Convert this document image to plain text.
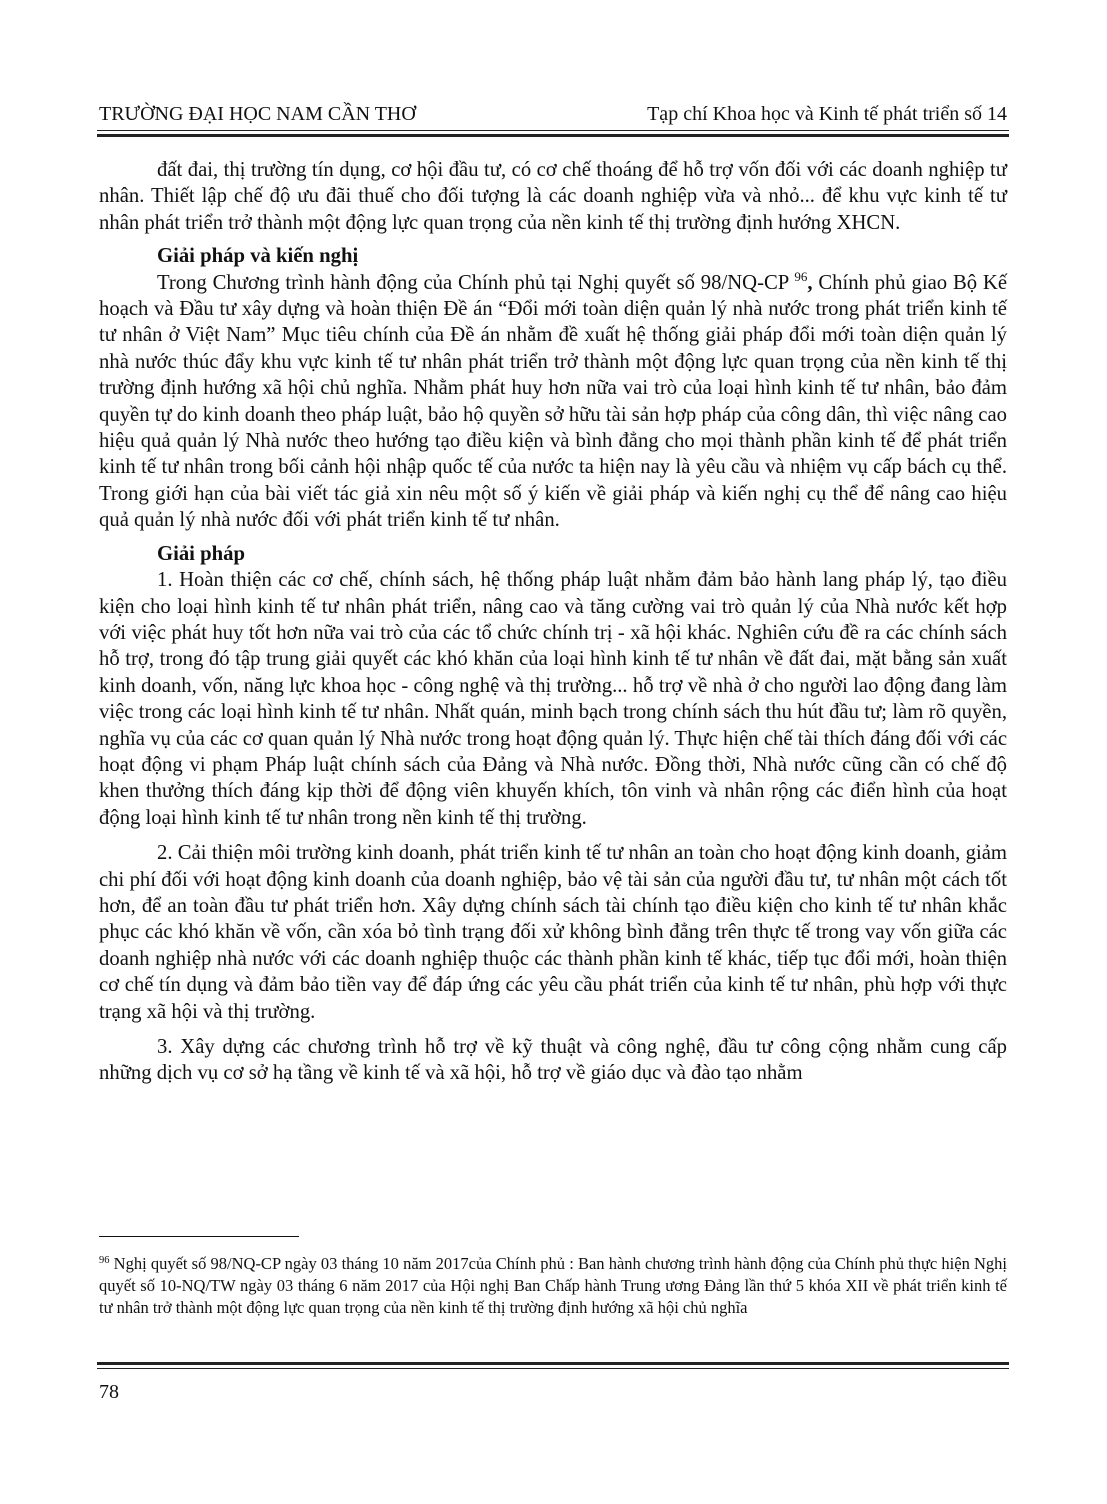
TRƯỜNG ĐẠI HỌC NAM CẦN THƠ	Tạp chí Khoa học và Kinh tế phát triển số 14

đất đai, thị trường tín dụng, cơ hội đầu tư, có cơ chế thoáng để hỗ trợ vốn đối với các doanh nghiệp tư nhân. Thiết lập chế độ ưu đãi thuế cho đối tượng là các doanh nghiệp vừa và nhỏ... để khu vực kinh tế tư nhân phát triển trở thành một động lực quan trọng của nền kinh tế thị trường định hướng XHCN.

Giải pháp và kiến nghị

Trong Chương trình hành động của Chính phủ tại Nghị quyết số 98/NQ-CP $^{96}$, Chính phủ giao Bộ Kế hoạch và Đầu tư xây dựng và hoàn thiện Đề án “Đổi mới toàn diện quản lý nhà nước trong phát triển kinh tế tư nhân ở Việt Nam” Mục tiêu chính của Đề án nhằm đề xuất hệ thống giải pháp đổi mới toàn diện quản lý nhà nước thúc đẩy khu vực kinh tế tư nhân phát triển trở thành một động lực quan trọng của nền kinh tế thị trường định hướng xã hội chủ nghĩa. Nhằm phát huy hơn nữa vai trò của loại hình kinh tế tư nhân, bảo đảm quyền tự do kinh doanh theo pháp luật, bảo hộ quyền sở hữu tài sản hợp pháp của công dân, thì việc nâng cao hiệu quả quản lý Nhà nước theo hướng tạo điều kiện và bình đẳng cho mọi thành phần kinh tế để phát triển kinh tế tư nhân trong bối cảnh hội nhập quốc tế của nước ta hiện nay là yêu cầu và nhiệm vụ cấp bách cụ thể. Trong giới hạn của bài viết tác giả xin nêu một số ý kiến về giải pháp và kiến nghị cụ thể để nâng cao hiệu quả quản lý nhà nước đối với phát triển kinh tế tư nhân.

Giải pháp

1. Hoàn thiện các cơ chế, chính sách, hệ thống pháp luật nhằm đảm bảo hành lang pháp lý, tạo điều kiện cho loại hình kinh tế tư nhân phát triển, nâng cao và tăng cường vai trò quản lý của Nhà nước kết hợp với việc phát huy tốt hơn nữa vai trò của các tổ chức chính trị - xã hội khác. Nghiên cứu đề ra các chính sách hỗ trợ, trong đó tập trung giải quyết các khó khăn của loại hình kinh tế tư nhân về đất đai, mặt bằng sản xuất kinh doanh, vốn, năng lực khoa học - công nghệ và thị trường... hỗ trợ về nhà ở cho người lao động đang làm việc trong các loại hình kinh tế tư nhân. Nhất quán, minh bạch trong chính sách thu hút đầu tư; làm rõ quyền, nghĩa vụ của các cơ quan quản lý Nhà nước trong hoạt động quản lý. Thực hiện chế tài thích đáng đối với các hoạt động vi phạm Pháp luật chính sách của Đảng và Nhà nước. Đồng thời, Nhà nước cũng cần có chế độ khen thưởng thích đáng kịp thời để động viên khuyến khích, tôn vinh và nhân rộng các điển hình của hoạt động loại hình kinh tế tư nhân trong nền kinh tế thị trường.

2. Cải thiện môi trường kinh doanh, phát triển kinh tế tư nhân an toàn cho hoạt động kinh doanh, giảm chi phí đối với hoạt động kinh doanh của doanh nghiệp, bảo vệ tài sản của người đầu tư, tư nhân một cách tốt hơn, để an toàn đầu tư phát triển hơn. Xây dựng chính sách tài chính tạo điều kiện cho kinh tế tư nhân khắc phục các khó khăn về vốn, cần xóa bỏ tình trạng đối xử không bình đẳng trên thực tế trong vay vốn giữa các doanh nghiệp nhà nước với các doanh nghiệp thuộc các thành phần kinh tế khác, tiếp tục đổi mới, hoàn thiện cơ chế tín dụng và đảm bảo tiền vay để đáp ứng các yêu cầu phát triển của kinh tế tư nhân, phù hợp với thực trạng xã hội và thị trường.

3. Xây dựng các chương trình hỗ trợ về kỹ thuật và công nghệ, đầu tư công cộng nhằm cung cấp những dịch vụ cơ sở hạ tầng về kinh tế và xã hội, hỗ trợ về giáo dục và đào tạo nhằm

$^{96}$ Nghị quyết số 98/NQ-CP ngày 03 tháng 10 năm 2017của Chính phủ : Ban hành chương trình hành động của Chính phủ thực hiện Nghị quyết số 10-NQ/TW ngày 03 tháng 6 năm 2017 của Hội nghị Ban Chấp hành Trung ương Đảng lần thứ 5 khóa XII về phát triển kinh tế tư nhân trở thành một động lực quan trọng của nền kinh tế thị trường định hướng xã hội chủ nghĩa
78
